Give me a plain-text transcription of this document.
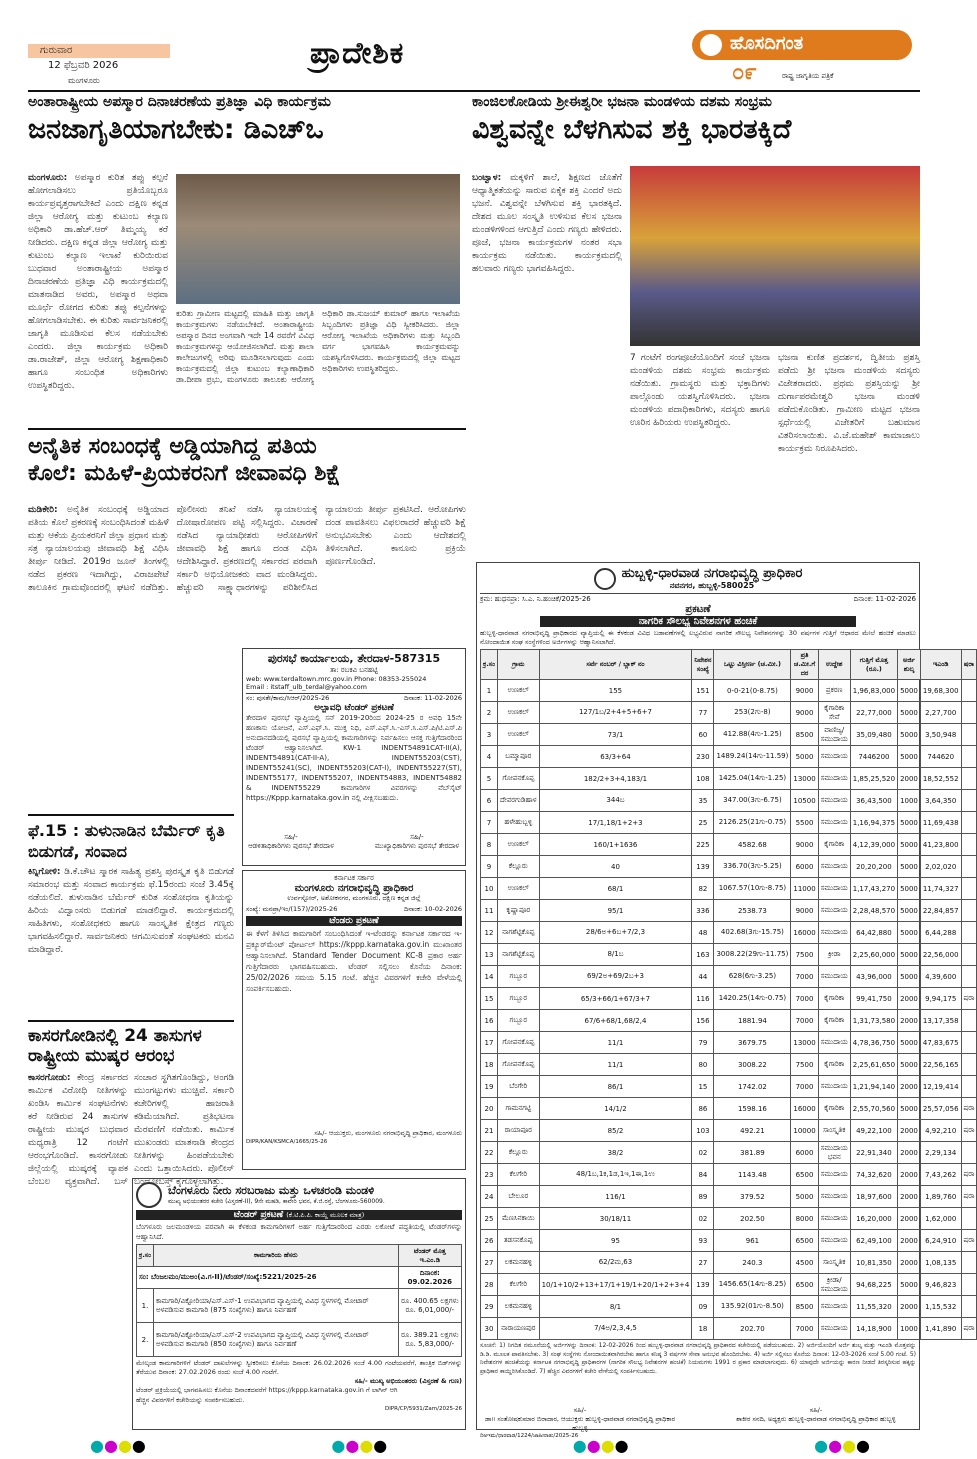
ಗುರುವಾರ
12 ಫೆಬ್ರವರಿ 2026
ಮಂಗಳೂರು
ಪ್ರಾದೇಶಿಕ	ಹೊಸದಿಗಂತ
೦೯	ರಾಷ್ಟ್ರ ಜಾಗೃತಿಯ ಪತ್ರಿಕೆ
ಅಂತಾರಾಷ್ಟ್ರೀಯ ಅಪಸ್ಮಾರ ದಿನಾಚರಣೆಯ ಪ್ರತಿಜ್ಞಾ ವಿಧಿ ಕಾರ್ಯಕ್ರಮ
ಜನಜಾಗೃತಿಯಾಗಬೇಕು: ಡಿಎಚ್‌ಒ
ಮಂಗಳೂರು: ಅಪಸ್ಮಾರ ಕುರಿತ ತಪ್ಪು ಕಲ್ಪನೆ ಹೋಗಲಾಡಿಸಲು ಪ್ರತಿಯೊಬ್ಬರೂ ಕಾರ್ಯಪ್ರವೃತ್ತರಾಗಬೇಕಿದೆ ಎಂದು ದಕ್ಷಿಣ ಕನ್ನಡ ಜಿಲ್ಲಾ ಆರೋಗ್ಯ ಮತ್ತು ಕುಟುಂಬ ಕಲ್ಯಾಣ ಅಧಿಕಾರಿ ಡಾ.ಹೆಚ್.ಆರ್ ತಿಮ್ಮಯ್ಯ ಕರೆ ನೀಡಿದರು. ದಕ್ಷಿಣ ಕನ್ನಡ ಜಿಲ್ಲಾ ಆರೋಗ್ಯ ಮತ್ತು ಕುಟುಂಬ ಕಲ್ಯಾಣ ಇಲಾಖೆ ಕುರಿಯಿರುವ ಬುಧವಾರ ಅಂತಾರಾಷ್ಟ್ರೀಯ ಅಪಸ್ಮಾರ ದಿನಾಚರಣೆಯ ಪ್ರತಿಜ್ಞಾ ವಿಧಿ ಕಾರ್ಯಕ್ರಮದಲ್ಲಿ ಮಾತನಾಡಿದ ಅವರು, ಅಪಸ್ಮಾರ ಅಥವಾ ಮೂರ್ಛೆ ರೋಗದ ಕುರಿತು ತಪ್ಪು ಕಲ್ಪನೆಗಳನ್ನು ಹೋಗಲಾಡಿಸಬೇಕು. ಈ ಕುರಿತು ಸಾರ್ವಜನಿಕರಲ್ಲಿ ಜಾಗೃತಿ ಮೂಡಿಸುವ ಕೆಲಸ ನಡೆಯಬೇಕು ಎಂದರು. ಜಿಲ್ಲಾ ಕಾರ್ಯಕ್ರಮ ಅಧಿಕಾರಿ ಡಾ.ರಾಜೇಶ್, ಜಿಲ್ಲಾ ಆರೋಗ್ಯ ಶಿಕ್ಷಣಾಧಿಕಾರಿ ಹಾಗೂ ಸಂಬಂಧಿತ ಅಧಿಕಾರಿಗಳು ಉಪಸ್ಥಿತರಿದ್ದರು.
ಕುರಿತು ಗ್ರಾಮೀಣ ಮಟ್ಟದಲ್ಲಿ ಮಾಹಿತಿ ಮತ್ತು ಜಾಗೃತಿ ಕಾರ್ಯಕ್ರಮಗಳು ನಡೆಯಬೇಕಿದೆ. ಅಂತಾರಾಷ್ಟ್ರೀಯ ಅಪಸ್ಮಾರ ದಿನದ ಅಂಗವಾಗಿ ಇದೇ 14 ರವರೆಗೆ ವಿವಿಧ ಕಾರ್ಯಕ್ರಮಗಳನ್ನು ಆಯೋಜಿಸಲಾಗಿದೆ. ಮತ್ತು ಶಾಲಾ ಕಾಲೇಜುಗಳಲ್ಲಿ ಅರಿವು ಮೂಡಿಸಲಾಗುವುದು ಎಂದು ಕಾರ್ಯಕ್ರಮದಲ್ಲಿ ಜಿಲ್ಲಾ ಕುಟುಂಬ ಕಲ್ಯಾಣಾಧಿಕಾರಿ ಡಾ.ದೀಪಾ ಪ್ರಭು, ಮಂಗಳೂರು ತಾಲೂಕು ಆರೋಗ್ಯ ಅಧಿಕಾರಿ ಡಾ.ಸುಜಯ್ ಕುಮಾರ್ ಹಾಗೂ ಇಲಾಖೆಯ ಸಿಬ್ಬಂದಿಗಳು ಪ್ರತಿಜ್ಞಾ ವಿಧಿ ಸ್ವೀಕರಿಸಿದರು. ಜಿಲ್ಲಾ ಆರೋಗ್ಯ ಇಲಾಖೆಯ ಅಧಿಕಾರಿಗಳು ಮತ್ತು ಸಿಬ್ಬಂದಿ ವರ್ಗ ಭಾಗವಹಿಸಿ ಕಾರ್ಯಕ್ರಮವನ್ನು ಯಶಸ್ವಿಗೊಳಿಸಿದರು. ಕಾರ್ಯಕ್ರಮದಲ್ಲಿ ಜಿಲ್ಲಾ ಮಟ್ಟದ ಅಧಿಕಾರಿಗಳು ಉಪಸ್ಥಿತರಿದ್ದರು.
ಕಾಂಜಿಲಕೋಡಿಯ ಶ್ರೀಈಶ್ವರೀ ಭಜನಾ ಮಂಡಳಿಯ ದಶಮ ಸಂಭ್ರಮ
ವಿಶ್ವವನ್ನೇ ಬೆಳಗಿಸುವ ಶಕ್ತಿ ಭಾರತಕ್ಕಿದೆ
ಬಂಟ್ವಾಳ: ಮಕ್ಕಳಿಗೆ ಶಾಲೆ, ಶಿಕ್ಷಣದ ಜೊತೆಗೆ ಆಧ್ಯಾತ್ಮಿಕತೆಯನ್ನು ಸಾರುವ ಏಕೈಕ ಶಕ್ತಿ ಎಂದರೆ ಅದು ಭಜನೆ. ವಿಶ್ವವನ್ನೇ ಬೆಳಗಿಸುವ ಶಕ್ತಿ ಭಾರತಕ್ಕಿದೆ. ದೇಶದ ಮೂಲ ಸಂಸ್ಕೃತಿ ಉಳಿಸುವ ಕೆಲಸ ಭಜನಾ ಮಂಡಳಿಗಳಿಂದ ಆಗುತ್ತಿದೆ ಎಂದು ಗಣ್ಯರು ಹೇಳಿದರು. ಪೂಜೆ, ಭಜನಾ ಕಾರ್ಯಕ್ರಮಗಳ ನಂತರ ಸಭಾ ಕಾರ್ಯಕ್ರಮ ನಡೆಯಿತು. ಕಾರ್ಯಕ್ರಮದಲ್ಲಿ ಹಲವಾರು ಗಣ್ಯರು ಭಾಗವಹಿಸಿದ್ದರು.
7 ಗಂಟೆಗೆ ರಂಗಪೂಜೆಯೊಂದಿಗೆ ಸಂಜೆ ಭಜನಾ ಮಂಡಳಿಯ ದಶಮ ಸಂಭ್ರಮ ಕಾರ್ಯಕ್ರಮ ನಡೆಯಿತು. ಗ್ರಾಮಸ್ಥರು ಮತ್ತು ಭಕ್ತಾದಿಗಳು ಪಾಲ್ಗೊಂಡು ಯಶಸ್ವಿಗೊಳಿಸಿದರು. ಭಜನಾ ಮಂಡಳಿಯ ಪದಾಧಿಕಾರಿಗಳು, ಸದಸ್ಯರು ಹಾಗೂ ಊರಿನ ಹಿರಿಯರು ಉಪಸ್ಥಿತರಿದ್ದರು.
ಭಜನಾ ಕುಣಿತ ಪ್ರದರ್ಶನ, ದ್ವಿತೀಯ ಪ್ರಶಸ್ತಿ ಪಡೆದು ಶ್ರೀ ಭಜನಾ ಮಂಡಳಿಯ ಸದಸ್ಯರು ವಿಜೇತರಾದರು. ಪ್ರಥಮ ಪ್ರಶಸ್ತಿಯನ್ನು ಶ್ರೀ ದುರ್ಗಾಪರಮೇಶ್ವರಿ ಭಜನಾ ಮಂಡಳಿ ಪಡೆದುಕೊಂಡಿತು. ಗ್ರಾಮೀಣ ಮಟ್ಟದ ಭಜನಾ ಸ್ಪರ್ಧೆಯಲ್ಲಿ ವಿಜೇತರಿಗೆ ಬಹುಮಾನ ವಿತರಿಸಲಾಯಿತು. ವಿ.ಜೆ.ಮಹೇಶ್ ಕಾಮಾಜಾಲು ಕಾರ್ಯಕ್ರಮ ನಿರೂಪಿಸಿದರು.
ಅನೈತಿಕ ಸಂಬಂಧಕ್ಕೆ ಅಡ್ಡಿಯಾಗಿದ್ದ ಪತಿಯ
ಕೊಲೆ: ಮಹಿಳೆ-ಪ್ರಿಯಕರನಿಗೆ ಜೀವಾವಧಿ ಶಿಕ್ಷೆ
ಮಡಿಕೇರಿ: ಅನೈತಿಕ ಸಂಬಂಧಕ್ಕೆ ಅಡ್ಡಿಯಾದ ಪತಿಯ ಕೊಲೆ ಪ್ರಕರಣಕ್ಕೆ ಸಂಬಂಧಿಸಿದಂತೆ ಮಹಿಳೆ ಮತ್ತು ಆಕೆಯ ಪ್ರಿಯಕರನಿಗೆ ಜಿಲ್ಲಾ ಪ್ರಧಾನ ಮತ್ತು ಸತ್ರ ನ್ಯಾಯಾಲಯವು ಜೀವಾವಧಿ ಶಿಕ್ಷೆ ವಿಧಿಸಿ ತೀರ್ಪು ನೀಡಿದೆ. 2019ರ ಜೂನ್ ತಿಂಗಳಲ್ಲಿ ನಡೆದ ಪ್ರಕರಣ ಇದಾಗಿದ್ದು, ವಿರಾಜಪೇಟೆ ತಾಲೂಕಿನ ಗ್ರಾಮವೊಂದರಲ್ಲಿ ಘಟನೆ ನಡೆದಿತ್ತು. ಪೊಲೀಸರು ತನಿಖೆ ನಡೆಸಿ ನ್ಯಾಯಾಲಯಕ್ಕೆ ದೋಷಾರೋಪಣ ಪಟ್ಟಿ ಸಲ್ಲಿಸಿದ್ದರು. ವಿಚಾರಣೆ ನಡೆಸಿದ ನ್ಯಾಯಾಧೀಶರು ಆರೋಪಿಗಳಿಗೆ ಜೀವಾವಧಿ ಶಿಕ್ಷೆ ಹಾಗೂ ದಂಡ ವಿಧಿಸಿ ಆದೇಶಿಸಿದ್ದಾರೆ. ಪ್ರಕರಣದಲ್ಲಿ ಸರ್ಕಾರದ ಪರವಾಗಿ ಸರ್ಕಾರಿ ಅಭಿಯೋಜಕರು ವಾದ ಮಂಡಿಸಿದ್ದರು. ಹೆಚ್ಚುವರಿ ಸಾಕ್ಷ್ಯಾಧಾರಗಳನ್ನು ಪರಿಶೀಲಿಸಿದ ನ್ಯಾಯಾಲಯ ತೀರ್ಪು ಪ್ರಕಟಿಸಿದೆ. ಆರೋಪಿಗಳು ದಂಡ ಪಾವತಿಸಲು ವಿಫಲರಾದರೆ ಹೆಚ್ಚುವರಿ ಶಿಕ್ಷೆ ಅನುಭವಿಸಬೇಕು ಎಂದು ಆದೇಶದಲ್ಲಿ ತಿಳಿಸಲಾಗಿದೆ. ಕಾನೂನು ಪ್ರಕ್ರಿಯೆ ಪೂರ್ಣಗೊಂಡಿದೆ.
ಪುರಸಭೆ ಕಾರ್ಯಾಲಯ, ತೇರದಾಳ-587315
ತಾ: ರಬಕವಿ ಬನಹಟ್ಟಿ
web: www.terdaltown.mrc.gov.in Phone: 08353-255024
Email : itstaff_ulb_terdal@yahoo.com
ಸಂ: ಪುಸತೇ/ಕಾಮ/ಸಿಆರ್/2025-26	ದಿನಾಂಕ: 11-02-2026
ಅಲ್ಪಾವಧಿ ಟೆಂಡರ್ ಪ್ರಕಟಣೆ
ತೇರದಾಳ ಪುರಸಭೆ ವ್ಯಾಪ್ತಿಯಲ್ಲಿ ಸನ್ 2019-20ರಿಂದ 2024-25 ರ ಅವಧಿ 15ನೇ ಹಣಕಾಸು ಯೋಜನೆ, ಎಸ್.ಎಫ್.ಸಿ. ಮುಕ್ತ ನಿಧಿ, ಎಸ್.ಎಫ್.ಸಿ.-ಎಸ್.ಸಿ.ಎಸ್.ಪಿ/ಟಿ.ಎಸ್.ಪಿ ಅನುದಾನದಡಿಯಲ್ಲಿ ಪುರಸಭೆ ವ್ಯಾಪ್ತಿಯಲ್ಲಿ ಕಾಮಗಾರಿಗಳನ್ನು ನಿರ್ವಹಿಸಲು ಆಸಕ್ತ ಗುತ್ತಿಗೆದಾರರಿಂದ ಟೆಂಡರ್ ಆಹ್ವಾನಿಸಲಾಗಿದೆ. KW-1 INDENT54891CAT-II(A), INDENT54891(CAT-II-A), INDENT55203(CST), INDENT55241(SC), INDENT55203(CAT-I), INDENT55227(ST), INDENT55177, INDENT55207, INDENT54883, INDENT54882 & INDENT55229 ಕಾಮಗಾರಿಗಳ ವಿವರಗಳನ್ನು ವೆಬ್‌ಸೈಟ್ https://Kppp.karnataka.gov.in ನಲ್ಲಿ ವೀಕ್ಷಿಸಬಹುದು.
ಸಹಿ/-
ಆಡಳಿತಾಧಿಕಾರಿಗಳು ಪುರಸಭೆ ತೇರದಾಳ
ಸಹಿ/-
ಮುಖ್ಯಾಧಿಕಾರಿಗಳು ಪುರಸಭೆ ತೇರದಾಳ
ಫೆ.15 : ತುಳುನಾಡಿನ ಬೆರ್ಮೆರ್ ಕೃತಿ ಬಿಡುಗಡೆ, ಸಂವಾದ
ಕಿನ್ನಿಗೋಳಿ: ಡಿ.ಕೆ.ಚೌಟ ಸ್ಮಾರಕ ಸಾಹಿತ್ಯ ಪ್ರಶಸ್ತಿ ಪುರಸ್ಕೃತ ಕೃತಿ ಬಿಡುಗಡೆ ಸಮಾರಂಭ ಮತ್ತು ಸಂವಾದ ಕಾರ್ಯಕ್ರಮ ಫೆ.15ರಂದು ಸಂಜೆ 3.45ಕ್ಕೆ ನಡೆಯಲಿದೆ. ತುಳುನಾಡಿನ ಬೆರ್ಮೆರ್ ಕುರಿತ ಸಂಶೋಧನಾ ಕೃತಿಯನ್ನು ಹಿರಿಯ ವಿದ್ವಾಂಸರು ಬಿಡುಗಡೆ ಮಾಡಲಿದ್ದಾರೆ. ಕಾರ್ಯಕ್ರಮದಲ್ಲಿ ಸಾಹಿತಿಗಳು, ಸಂಶೋಧಕರು ಹಾಗೂ ಸಾಂಸ್ಕೃತಿಕ ಕ್ಷೇತ್ರದ ಗಣ್ಯರು ಭಾಗವಹಿಸಲಿದ್ದಾರೆ. ಸಾರ್ವಜನಿಕರು ಆಗಮಿಸುವಂತೆ ಸಂಘಟಕರು ಮನವಿ ಮಾಡಿದ್ದಾರೆ.
ಕರ್ನಾಟಕ ಸರ್ಕಾರ
ಮಂಗಳೂರು ನಗರಾಭಿವೃದ್ಧಿ ಪ್ರಾಧಿಕಾರ
ಉರ್ವಸ್ಟೋರ್, ಅಶೋಕನಗರ, ಮಂಗಳೂರು, ದಕ್ಷಿಣ ಕನ್ನಡ ಜಿಲ್ಲೆ
ಸಂಖ್ಯೆ: ಮನಪ್ರಾ/ಇಂ/(157)/2025-26	ದಿನಾಂಕ: 10-02-2026
ಟೆಂಡರು ಪ್ರಕಟಣೆ
ಈ ಕೆಳಗೆ ತಿಳಿಸಿದ ಕಾಮಗಾರಿಗೆ ಸಂಬಂಧಿಸಿದಂತೆ ಇ-ಟೆಂಡರನ್ನು ಕರ್ನಾಟಕ ಸರ್ಕಾರದ ಇ-ಪ್ರಕ್ಯೂರ್‌ಮೆಂಟ್ ಪೋರ್ಟಲ್ https://kppp.karnataka.gov.in ಮುಖಾಂತರ ಆಹ್ವಾನಿಸಲಾಗಿದೆ. Standard Tender Document KC-8 ಪ್ರಕಾರ ಅರ್ಹ ಗುತ್ತಿಗೆದಾರರು ಭಾಗವಹಿಸಬಹುದು. ಟೆಂಡರ್ ಸಲ್ಲಿಸಲು ಕೊನೆಯ ದಿನಾಂಕ: 25/02/2026 ಸಮಯ 5.15 ಗಂಟೆ. ಹೆಚ್ಚಿನ ವಿವರಗಳಿಗೆ ಕಚೇರಿ ವೇಳೆಯಲ್ಲಿ ಸಂಪರ್ಕಿಸಬಹುದು.
ಸಹಿ/- ಆಯುಕ್ತರು, ಮಂಗಳೂರು ನಗರಾಭಿವೃದ್ಧಿ ಪ್ರಾಧಿಕಾರ, ಮಂಗಳೂರು
DIPR/KAN/KSMCA/1665/25-26
ಕಾಸರಗೋಡಿನಲ್ಲಿ 24 ತಾಸುಗಳ
ರಾಷ್ಟ್ರೀಯ ಮುಷ್ಕರ ಆರಂಭ
ಕಾಸರಗೋಡು: ಕೇಂದ್ರ ಸರ್ಕಾರದ ಕಾರ್ಮಿಕ ವಿರೋಧಿ ನೀತಿಗಳನ್ನು ಖಂಡಿಸಿ ಕಾರ್ಮಿಕ ಸಂಘಟನೆಗಳು ಕರೆ ನೀಡಿರುವ 24 ತಾಸುಗಳ ರಾಷ್ಟ್ರೀಯ ಮುಷ್ಕರ ಬುಧವಾರ ಮಧ್ಯರಾತ್ರಿ 12 ಗಂಟೆಗೆ ಆರಂಭಗೊಂಡಿದೆ. ಕಾಸರಗೋಡು ಜಿಲ್ಲೆಯಲ್ಲಿ ಮುಷ್ಕರಕ್ಕೆ ವ್ಯಾಪಕ ಬೆಂಬಲ ವ್ಯಕ್ತವಾಗಿದೆ. ಬಸ್ ಸಂಚಾರ ಸ್ಥಗಿತಗೊಂಡಿದ್ದು, ಅಂಗಡಿ ಮುಂಗಟ್ಟುಗಳು ಮುಚ್ಚಿವೆ. ಸರ್ಕಾರಿ ಕಚೇರಿಗಳಲ್ಲಿ ಹಾಜರಾತಿ ಕಡಿಮೆಯಾಗಿದೆ. ಪ್ರತಿಭಟನಾ ಮೆರವಣಿಗೆ ನಡೆಯಿತು. ಕಾರ್ಮಿಕ ಮುಖಂಡರು ಮಾತನಾಡಿ ಕೇಂದ್ರದ ನೀತಿಗಳನ್ನು ಹಿಂಪಡೆಯಬೇಕು ಎಂದು ಒತ್ತಾಯಿಸಿದರು. ಪೊಲೀಸ್ ಬಂದೋಬಸ್ತ್ ಕೈಗೊಳ್ಳಲಾಗಿತ್ತು.
ಬೆಂಗಳೂರು ನೀರು ಸರಬರಾಜು ಮತ್ತು ಒಳಚರಂಡಿ ಮಂಡಳಿ
ಮುಖ್ಯ ಅಭಿಯಂತರರ ಕಚೇರಿ (ವಿಸ್ತರಣೆ-II), 9ನೇ ಮಹಡಿ, ಕಾವೇರಿ ಭವನ, ಕೆ.ಜಿ.ರಸ್ತೆ, ಬೆಂಗಳೂರು-560009.
ಟೆಂಡರ್ ಪ್ರಕಟಣೆ (ಕೆ.ಟಿ.ಪಿ.ಪಿ. ಕಾಯ್ದೆ ಮೂಲಕ ಮಾತ್ರ)
ಬೆಂಗಳೂರು ಜಲಮಂಡಳಿಯ ಪರವಾಗಿ ಈ ಕೆಳಕಂಡ ಕಾಮಗಾರಿಗಳಿಗೆ ಅರ್ಹ ಗುತ್ತಿಗೆದಾರರಿಂದ ಎರಡು ಲಕೋಟೆ ಪದ್ಧತಿಯಲ್ಲಿ ಟೆಂಡರ್‌ಗಳನ್ನು ಆಹ್ವಾನಿಸಿದೆ.
ಕ್ರ.ಸಂ	ಕಾಮಗಾರಿಯ ಹೆಸರು	ಟೆಂಡರ್ ಮೊತ್ತ
ಇ.ಎಂ.ಡಿ
ಸಂ: ಬೆಂಜಲಮಂ/ಮುಅಂ(ವಿ.ಗ-II)/ಟೆಂಡರ್/ಸಂಖ್ಯೆ:5221/2025-26		ದಿನಾಂಕ: 09.02.2026
1.	ಕಾಮಗಾರಿ/ವಿಕ್ಟೋರಿಯಾ/ಎಸ್.ಎಸ್-1 ಉಪವಿಭಾಗದ ವ್ಯಾಪ್ತಿಯಲ್ಲಿ ವಿವಿಧ ಸ್ಥಳಗಳಲ್ಲಿ ಮೋಟಾರ್ ಅಳವಡಿಸುವ ಕಾಮಗಾರಿ (875 ಸಂಖ್ಯೆಗಳು) ಹಾಗೂ ನಿರ್ವಹಣೆ	ರೂ. 400.65 ಲಕ್ಷಗಳು
ರೂ. 6,01,000/-
2.	ಕಾಮಗಾರಿ/ವಿಕ್ಟೋರಿಯಾ/ಎಸ್.ಎಸ್-2 ಉಪವಿಭಾಗದ ವ್ಯಾಪ್ತಿಯಲ್ಲಿ ವಿವಿಧ ಸ್ಥಳಗಳಲ್ಲಿ ಮೋಟಾರ್ ಅಳವಡಿಸುವ ಕಾಮಗಾರಿ (850 ಸಂಖ್ಯೆಗಳು) ಹಾಗೂ ನಿರ್ವಹಣೆ	ರೂ. 389.21 ಲಕ್ಷಗಳು
ರೂ. 5,83,000/-
ಮೇಲ್ಕಂಡ ಕಾಮಗಾರಿಗಳಿಗೆ ಟೆಂಡರ್ ದಾಖಲೆಗಳನ್ನು ಸ್ವೀಕರಿಸಲು ಕೊನೆಯ ದಿನಾಂಕ: 26.02.2026 ಸಂಜೆ 4.00 ಗಂಟೆಯವರೆಗೆ, ತಾಂತ್ರಿಕ ಬಿಡ್‌ಗಳನ್ನು ತೆರೆಯುವ ದಿನಾಂಕ: 27.02.2026 ರಂದು ಸಂಜೆ 4.00 ಗಂಟೆಗೆ.
ಸಹಿ/- ಮುಖ್ಯ ಅಭಿಯಂತರರು (ವಿಸ್ತರಣೆ & ಗುಣ)
ಟೆಂಡರ್ ಪ್ರಕ್ರಿಯೆಯಲ್ಲಿ ಭಾಗವಹಿಸಲು ಕೊನೆಯ ದಿನಾಂಕದವರೆಗೆ https://kppp.karnataka.gov.in ಗೆ ಲಾಗಿನ್ ಆಗಿ
ಹೆಚ್ಚಿನ ವಿವರಗಳಿಗೆ ಕಚೇರಿಯನ್ನು ಸಂಪರ್ಕಿಸಬಹುದು.
DIPR/CP/5931/Zam/2025-26
ಹುಬ್ಬಳ್ಳಿ-ಧಾರವಾಡ ನಗರಾಭಿವೃದ್ಧಿ ಪ್ರಾಧಿಕಾರ
ನವನಗರ, ಹುಬ್ಬಳ್ಳಿ-580025
ಕ್ರಮ: ಹುಧನಪ್ರಾ: ಸಿ.ಎ. ನಿ.ಹಂಚಿಕೆ/2025-26	ದಿನಾಂಕ: 11-02-2026
ಪ್ರಕಟಣೆ
ನಾಗರಿಕ ಸೌಲಭ್ಯ ನಿವೇಶನಗಳ ಹಂಚಿಕೆ
ಹುಬ್ಬಳ್ಳಿ-ಧಾರವಾಡ ನಗರಾಭಿವೃದ್ಧಿ ಪ್ರಾಧಿಕಾರದ ವ್ಯಾಪ್ತಿಯಲ್ಲಿ ಈ ಕೆಳಕಂಡ ವಿವಿಧ ಬಡಾವಣೆಗಳಲ್ಲಿ ಲಭ್ಯವಿರುವ ನಾಗರಿಕ ಸೌಲಭ್ಯ ನಿವೇಶನಗಳನ್ನು 30 ವರ್ಷಗಳ ಗುತ್ತಿಗೆ ಆಧಾರದ ಮೇಲೆ ಹಂಚಿಕೆ ಮಾಡಲು ನೋಂದಾಯಿತ ಸಂಘ ಸಂಸ್ಥೆಗಳಿಂದ ಅರ್ಜಿಗಳನ್ನು ಆಹ್ವಾನಿಸಲಾಗಿದೆ.
ಕ್ರ.ಸಂ	ಗ್ರಾಮ	ಸರ್ವೆ ನಂಬರ್ / ಬ್ಲಾಕ್ ನಂ	ನಿವೇಶನ ಸಂಖ್ಯೆ	ಒಟ್ಟು ವಿಸ್ತೀರ್ಣ (ಚ.ಮೀ.)	ಪ್ರತಿ ಚ.ಮೀ.ಗೆ ದರ	ಉದ್ದೇಶ	ಗುತ್ತಿಗೆ ಮೊತ್ತ (ರೂ.)	ಅರ್ಜಿ ಶುಲ್ಕ	ಇಎಂಡಿ	ಷರಾ
1	ಉಣಕಲ್	155	151	0-0-21(0-8.75)	9000	ಪ್ರಕರಣ	1,96,83,000	5000	19,68,300	
2	ಉಣಕಲ್	127/1ಬ/2+4+5+6+7	77	253(2ಗು-8)	9000	ಕೈಗಾರಿಕಾ ಸೇವೆ	22,77,000	5000	2,27,700	
3	ಉಣಕಲ್	73/1	60	412.88(4ಗು-1.25)	8500	ವಾಣಿಜ್ಯ/ಸಮುದಾಯ	35,09,480	5000	3,50,948	
4	ಬಮ್ಮಾಪೂರ	63/3+64	230	1489.24(14ಗು-11.59)	5000	ಸಮುದಾಯ	7446200	5000	744620	
5	ಗೋಪನಕೊಪ್ಪ	182/2+3+4,183/1	108	1425.04(14ಗು-1.25)	13000	ಸಮುದಾಯ	1,85,25,520	2000	18,52,552	
6	ದೇವರಗುಡಿಹಾಳ	344ಬ	35	347.00(3ಗು-6.75)	10500	ಸಮುದಾಯ	36,43,500	1000	3,64,350	
7	ಹಳೇಹುಬ್ಬಳ್ಳಿ	17/1,18/1+2+3	25	2126.25(21ಗು-0.75)	5500	ಸಮುದಾಯ	1,16,94,375	5000	11,69,438	
8	ಉಣಕಲ್	160/1+1636	225	4582.68	9000	ಕೈಗಾರಿಕಾ	4,12,39,000	5000	41,23,800	
9	ಕೆಲ್ಲೂರು	40	139	336.70(3ಗು-5.25)	6000	ಸಮುದಾಯ	20,20,200	5000	2,02,020	
10	ಉಣಕಲ್	68/1	82	1067.57(10ಗು-8.75)	11000	ಸಮುದಾಯ	1,17,43,270	5000	11,74,327	
11	ಕೃಷ್ಣಾಪೂರ	95/1	336	2538.73	9000	ಸಮುದಾಯ	2,28,48,570	5000	22,84,857	
12	ನಾಗಶೆಟ್ಟಿಕೊಪ್ಪ	28/6ಅ+6ಬ+7/2,3	48	402.68(3ಗು-15.75)	16000	ಸಮುದಾಯ	64,42,880	5000	6,44,288	
13	ನಾಗಶೆಟ್ಟಿಕೊಪ್ಪ	8/1ಬ	163	3008.22(29ಗು-11.75)	7500	ಕ್ರೀಡಾ	2,25,60,000	5000	22,56,000	
14	ಗಬ್ಬೂರ	69/2ಅ+69/2ಬ+3	44	628(6ಗು-3.25)	7000	ಸಮುದಾಯ	43,96,000	5000	4,39,600	
15	ಗಬ್ಬೂರ	65/3+66/1+67/3+7	116	1420.25(14ಗು-0.75)	7000	ಕೈಗಾರಿಕಾ	99,41,750	2000	9,94,175	ಷರಾ
16	ಗಬ್ಬೂರ	67/6+68/1,68/2,4	156	1881.94	7000	ಕೈಗಾರಿಕಾ	1,31,73,580	2000	13,17,358	
17	ಗೋಪನಕೊಪ್ಪ	11/1	79	3679.75	13000	ಸಮುದಾಯ	4,78,36,750	5000	47,83,675	
18	ಗೋಪನಕೊಪ್ಪ	11/1	80	3008.22	7500	ಕೈಗಾರಿಕಾ	2,25,61,650	5000	22,56,165	
19	ಬೆಂಗೇರಿ	86/1	15	1742.02	7000	ಸಮುದಾಯ	1,21,94,140	2000	12,19,414	
20	ಗಾಮನಗಟ್ಟಿ	14/1/2	86	1598.16	16000	ಕೈಗಾರಿಕಾ	2,55,70,560	5000	25,57,056	ಷರಾ
21	ರಾಯಾಪೂರ	85/2	103	492.21	10000	ಸಾಂಸ್ಕೃತಿಕ	49,22,100	2000	4,92,210	ಷರಾ
22	ಕೆಲ್ಲೂರು	38/2	02	381.89	6000	ಸಮುದಾಯ ಭವನ	22,91,340	2000	2,29,134	
23	ಕೆಲಗೇರಿ	48/1ಬ,1ಕ,1ಡ,1ಇ,1ಈ,1ಉ	84	1143.48	6500	ಸಮುದಾಯ	74,32,620	2000	7,43,262	ಷರಾ
24	ಬೇಲೂರ	116/1	89	379.52	5000	ಸಮುದಾಯ	18,97,600	2000	1,89,760	ಷರಾ
25	ಮೆಣಸಿನಕಾಯಿ	30/18/11	02	202.50	8000	ಸಮುದಾಯ	16,20,000	2000	1,62,000	
26	ತಡಸನಕೊಪ್ಪ	95	93	961	6500	ಸಮುದಾಯ	62,49,100	2000	6,24,910	ಷರಾ
27	ಲಕಮನಹಳ್ಳಿ	62/2ಮ,63	27	240.3	4500	ಸಾಂಸ್ಕೃತಿಕ	10,81,350	2000	1,08,135	
28	ಕೆಲಗೇರಿ	10/1+10/2+13+17/1+19/1+20/1+2+3+4	139	1456.65(14ಗು-8.25)	6500	ಕ್ರೀಡಾ/ಸಮುದಾಯ	94,68,225	5000	9,46,823	
29	ಲಕಮನಹಳ್ಳಿ	8/1	09	135.92(01ಗು-8.50)	8500	ಸಮುದಾಯ	11,55,320	2000	1,15,532	
30	ನಾರಾಯಣಪುರ	7/4ಅ/2,3,4,5	18	202.70	7000	ಸಮುದಾಯ	14,18,900	1000	1,41,890	ಷರಾ
ಸೂಚನೆ: 1) ನಿಗದಿತ ನಮೂನೆಯಲ್ಲಿ ಅರ್ಜಿಗಳನ್ನು ದಿನಾಂಕ: 12-02-2026 ರಿಂದ ಹುಬ್ಬಳ್ಳಿ-ಧಾರವಾಡ ನಗರಾಭಿವೃದ್ಧಿ ಪ್ರಾಧಿಕಾರದ ಕಚೇರಿಯಲ್ಲಿ ಪಡೆಯಬಹುದು. 2) ಅರ್ಜಿಯೊಂದಿಗೆ ಅರ್ಜಿ ಶುಲ್ಕ ಮತ್ತು ಇಎಂಡಿ ಮೊತ್ತವನ್ನು ಡಿ.ಡಿ. ಮೂಲಕ ಪಾವತಿಸಬೇಕು. 3) ಸಂಘ ಸಂಸ್ಥೆಗಳು ನೋಂದಾಯಿತವಾಗಿರಬೇಕು ಹಾಗೂ ಕನಿಷ್ಠ 3 ವರ್ಷಗಳ ಸೇವಾ ಅನುಭವ ಹೊಂದಿರಬೇಕು. 4) ಅರ್ಜಿ ಸಲ್ಲಿಸಲು ಕೊನೆಯ ದಿನಾಂಕ: 12-03-2026 ಸಂಜೆ 5.00 ಗಂಟೆ. 5) ನಿವೇಶನಗಳ ಹಂಚಿಕೆಯನ್ನು ಕರ್ನಾಟಕ ನಗರಾಭಿವೃದ್ಧಿ ಪ್ರಾಧಿಕಾರಗಳ (ನಾಗರಿಕ ಸೌಲಭ್ಯ ನಿವೇಶನಗಳ ಹಂಚಿಕೆ) ನಿಯಮಗಳು 1991 ರ ಪ್ರಕಾರ ಮಾಡಲಾಗುವುದು. 6) ಯಾವುದೇ ಅರ್ಜಿಯನ್ನು ಕಾರಣ ನೀಡದೆ ತಿರಸ್ಕರಿಸುವ ಹಕ್ಕನ್ನು ಪ್ರಾಧಿಕಾರ ಕಾಯ್ದಿರಿಸಿಕೊಂಡಿದೆ. 7) ಹೆಚ್ಚಿನ ವಿವರಗಳಿಗೆ ಕಚೇರಿ ವೇಳೆಯಲ್ಲಿ ಸಂಪರ್ಕಿಸಬಹುದು.
ಸಹಿ/-
ಡಾ॥ ಸಂತೋಷಕುಮಾರ ಬಿರಾದಾರ, ಆಯುಕ್ತರು ಹುಬ್ಬಳ್ಳಿ-ಧಾರವಾಡ ನಗರಾಭಿವೃದ್ಧಿ ಪ್ರಾಧಿಕಾರ ಹುಬ್ಬಳ್ಳಿ
ಸಹಿ/-
ಶಾಕೀರ ಸನದಿ, ಅಧ್ಯಕ್ಷರು ಹುಬ್ಬಳ್ಳಿ-ಧಾರವಾಡ ನಗರಾಭಿವೃದ್ಧಿ ಪ್ರಾಧಿಕಾರ ಹುಬ್ಬಳ್ಳಿ
ದಿಅಇಮ/ಧಾರವಾಡ/1224/ಜಾಹೀರಾತು/2025-26
●●●●	●●●●	●●●●	●●●●
